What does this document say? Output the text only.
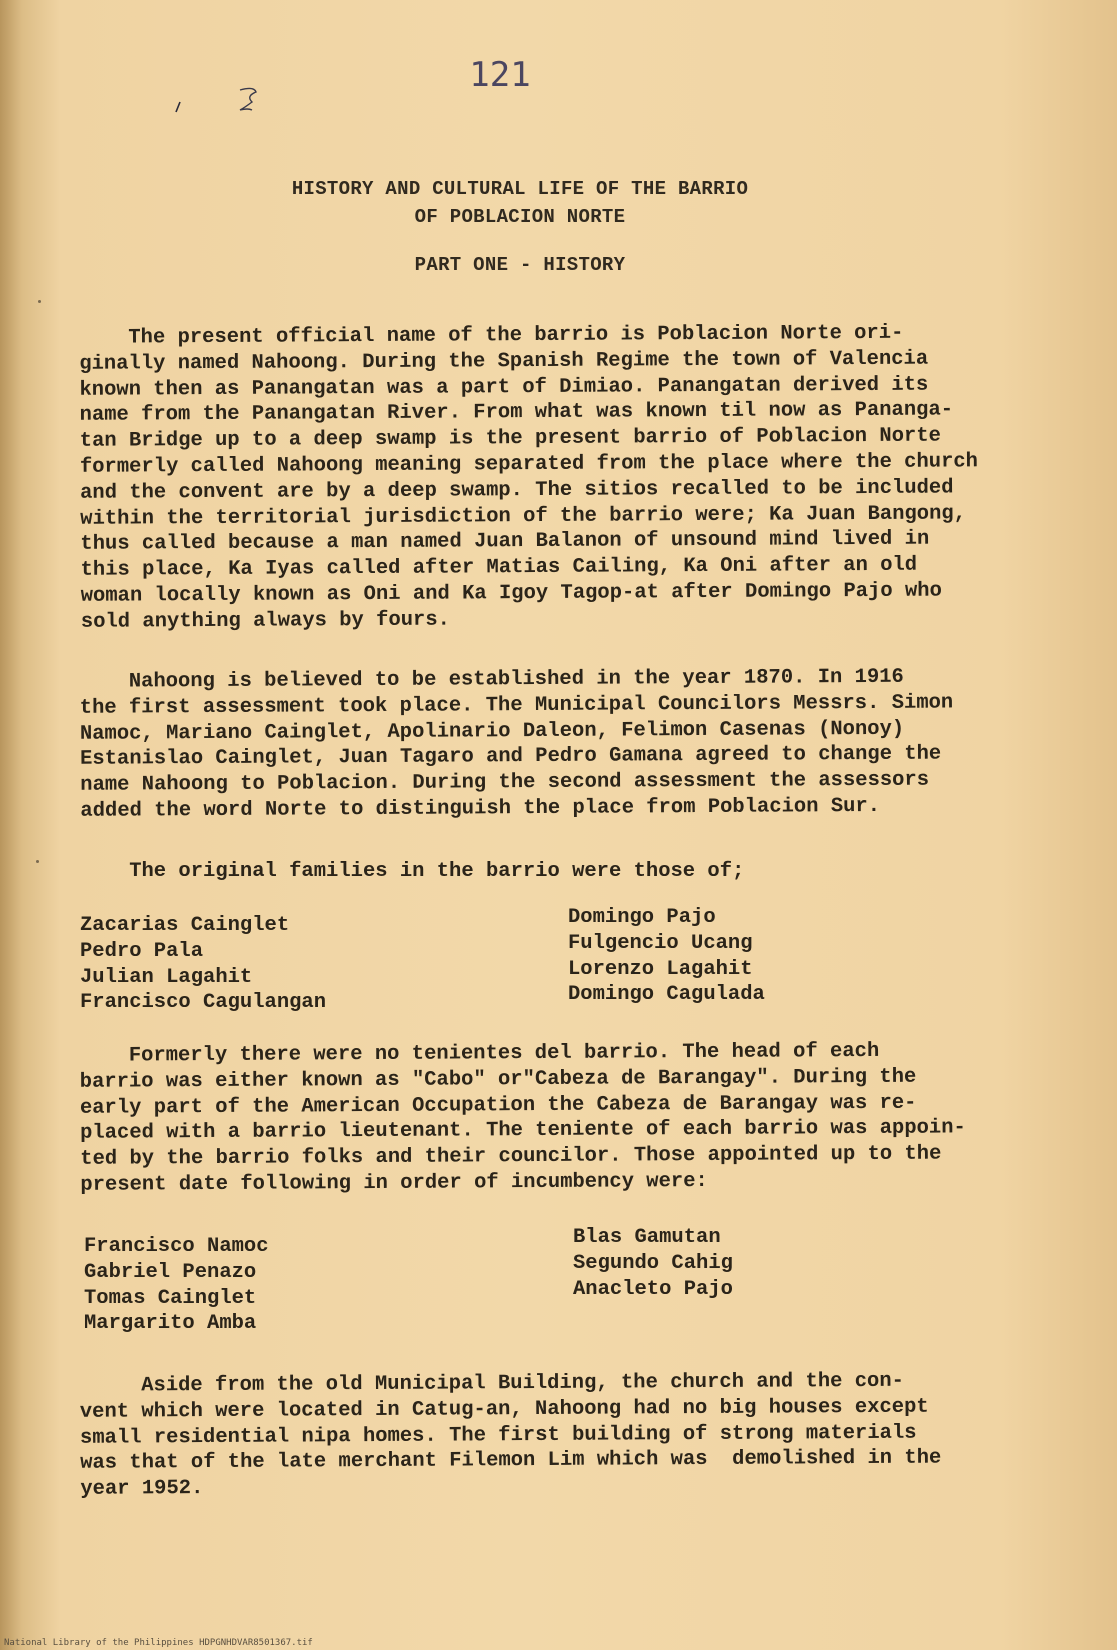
121
HISTORY AND CULTURAL LIFE OF THE BARRIO
OF POBLACION NORTE
PART ONE - HISTORY
The present official name of the barrio is Poblacion Norte ori-
ginally named Nahoong. During the Spanish Regime the town of Valencia
known then as Panangatan was a part of Dimiao. Panangatan derived its
name from the Panangatan River. From what was known til now as Pananga-
tan Bridge up to a deep swamp is the present barrio of Poblacion Norte
formerly called Nahoong meaning separated from the place where the church
and the convent are by a deep swamp. The sitios recalled to be included
within the territorial jurisdiction of the barrio were; Ka Juan Bangong,
thus called because a man named Juan Balanon of unsound mind lived in
this place, Ka Iyas called after Matias Cailing, Ka Oni after an old
woman locally known as Oni and Ka Igoy Tagop-at after Domingo Pajo who
sold anything always by fours.
Nahoong is believed to be established in the year 1870. In 1916
the first assessment took place. The Municipal Councilors Messrs. Simon
Namoc, Mariano Cainglet, Apolinario Daleon, Felimon Casenas (Nonoy)
Estanislao Cainglet, Juan Tagaro and Pedro Gamana agreed to change the
name Nahoong to Poblacion. During the second assessment the assessors
added the word Norte to distinguish the place from Poblacion Sur.
The original families in the barrio were those of;
Zacarias Cainglet
Pedro Pala
Julian Lagahit
Francisco Cagulangan
Domingo Pajo
Fulgencio Ucang
Lorenzo Lagahit
Domingo Cagulada
Formerly there were no tenientes del barrio. The head of each
barrio was either known as "Cabo" or"Cabeza de Barangay". During the
early part of the American Occupation the Cabeza de Barangay was re-
placed with a barrio lieutenant. The teniente of each barrio was appoin-
ted by the barrio folks and their councilor. Those appointed up to the
present date following in order of incumbency were:
Francisco Namoc
Gabriel Penazo
Tomas Cainglet
Margarito Amba
Blas Gamutan
Segundo Cahig
Anacleto Pajo
Aside from the old Municipal Building, the church and the con-
vent which were located in Catug-an, Nahoong had no big houses except
small residential nipa homes. The first building of strong materials
was that of the late merchant Filemon Lim which was  demolished in the
year 1952.
National Library of the Philippines HDPGNHDVAR8501367.tif
